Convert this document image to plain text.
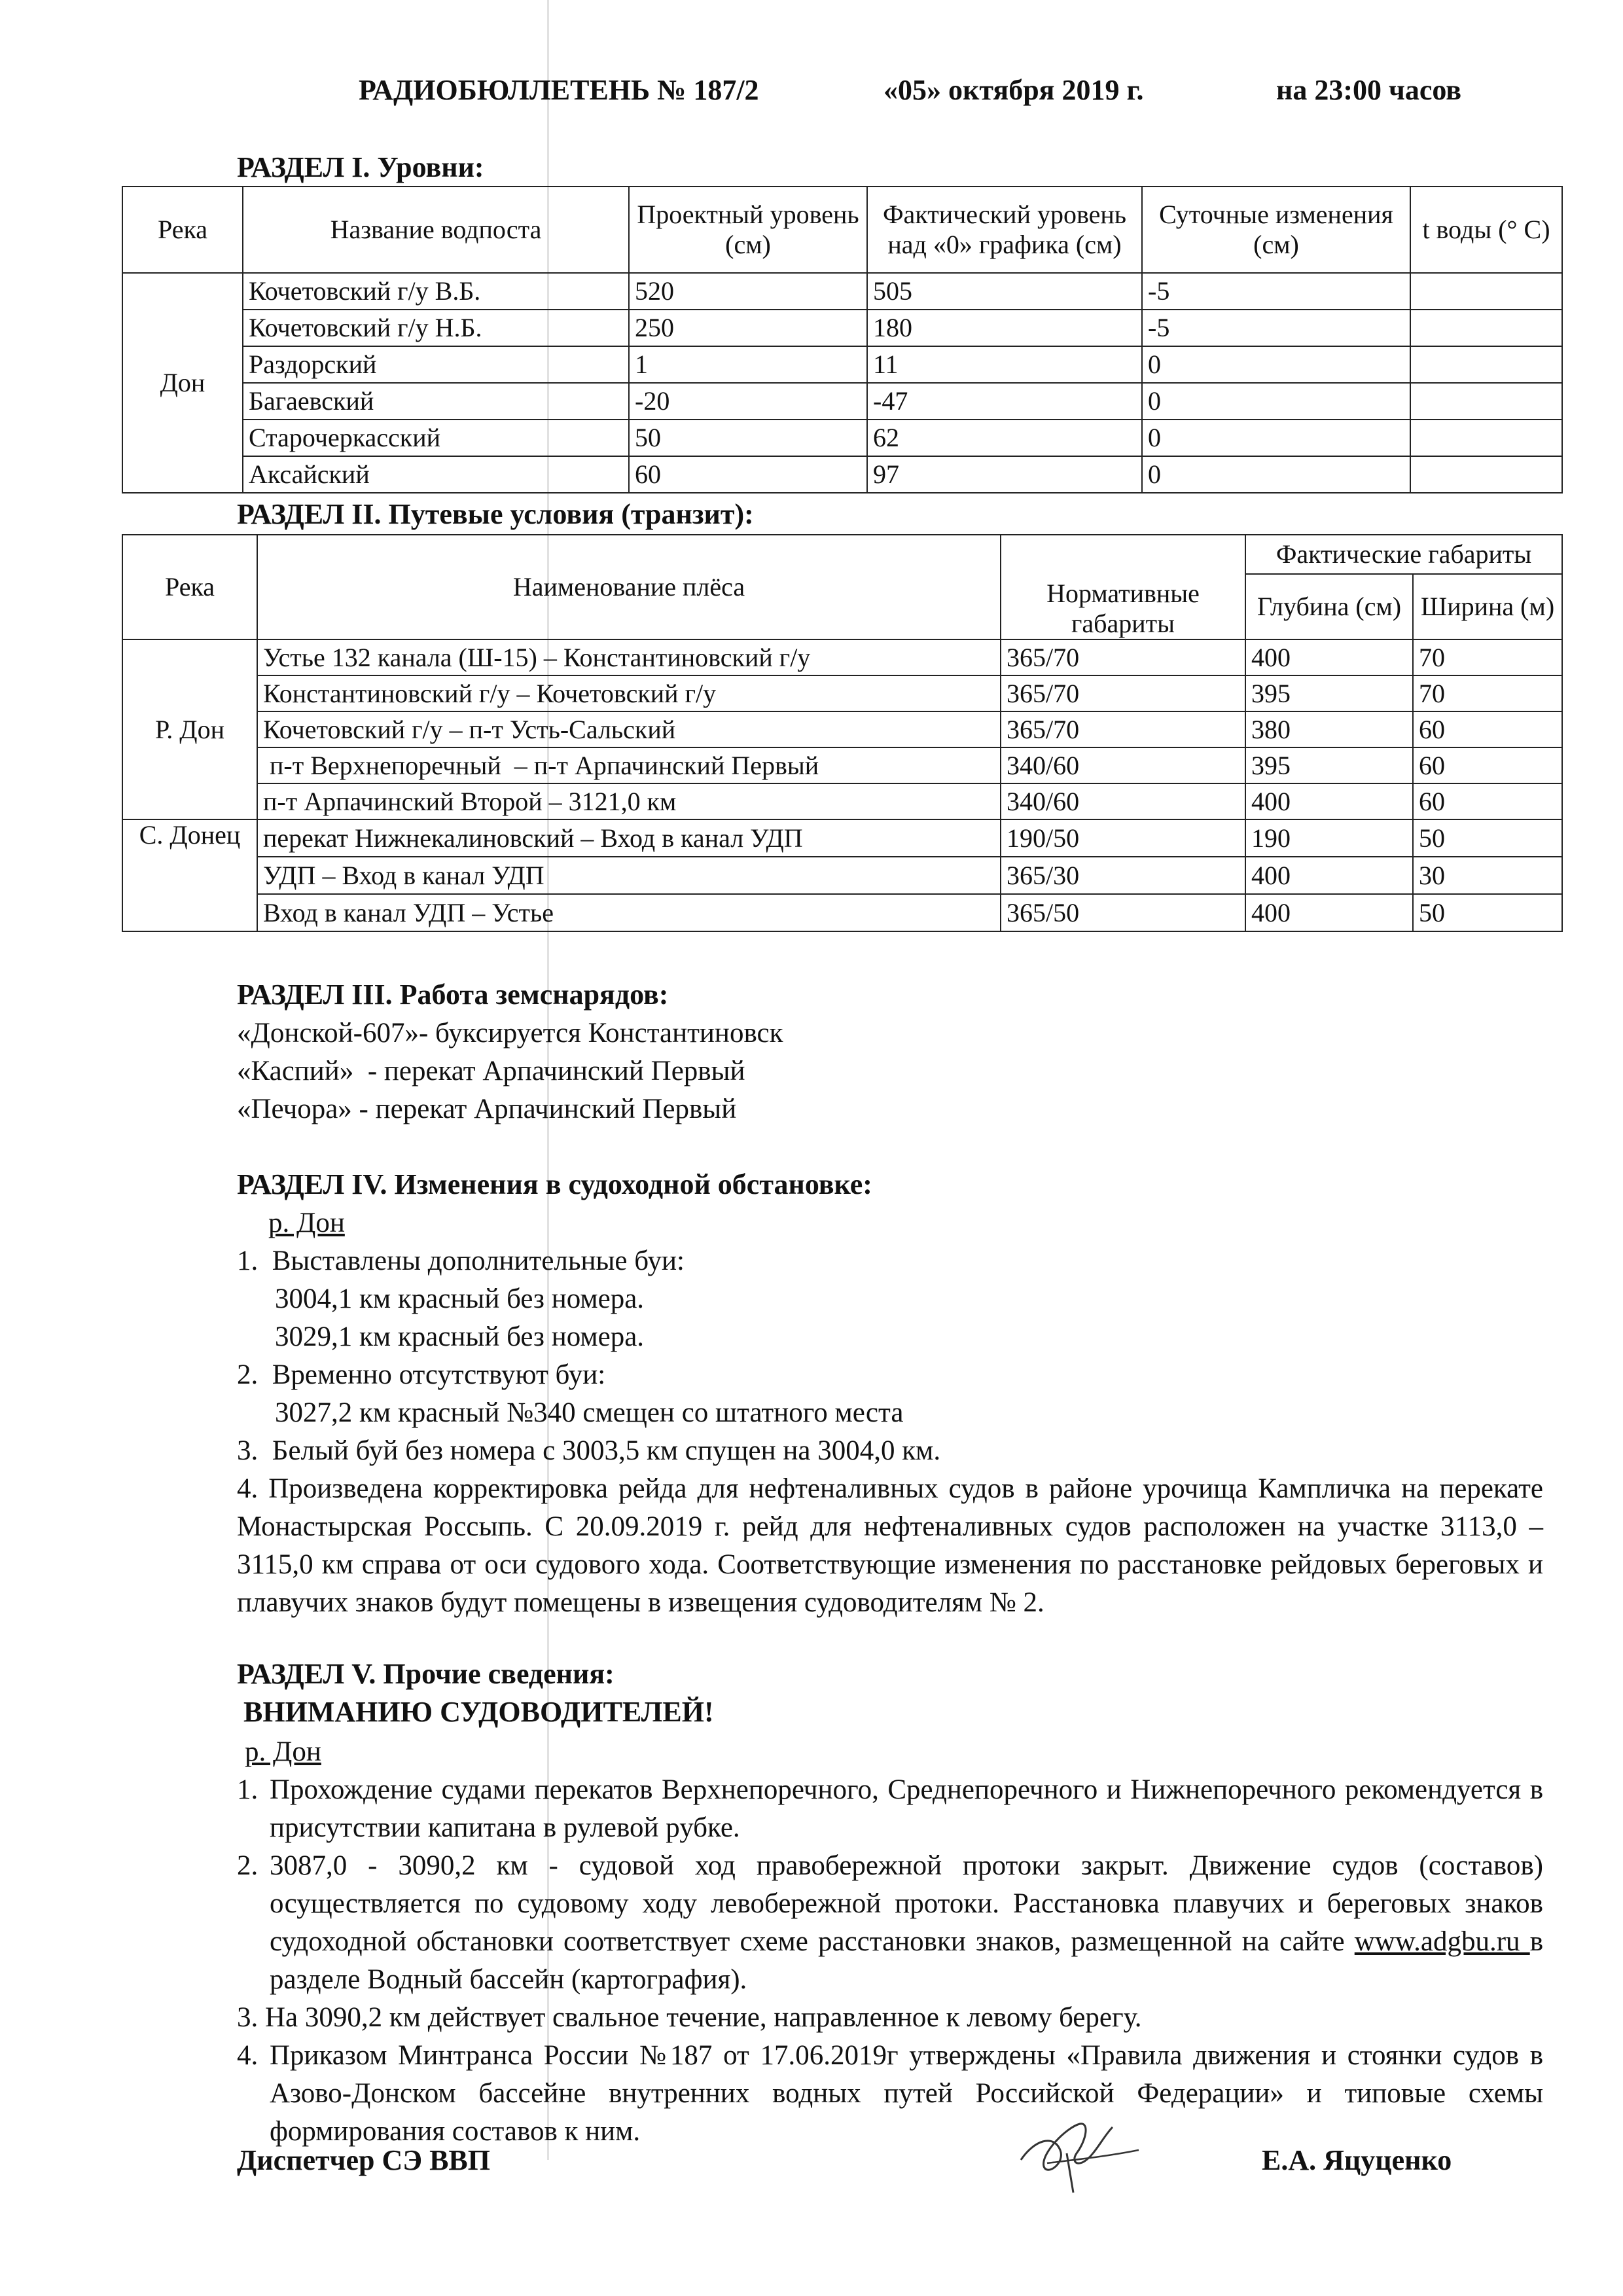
РАДИОБЮЛЛЕТЕНЬ № 187/2	«05» октября 2019 г.	на 23:00 часов
РАЗДЕЛ I. Уровни:
Река	Название водпоста	Проектный уровень (см)	Фактический уровень над «0» графика (см)	Суточные изменения (см)	t воды (° С)
Дон	Кочетовский г/у В.Б.	520	505	-5	
	Кочетовский г/у Н.Б.	250	180	-5	
	Раздорский	1	11	0	
	Багаевский	-20	-47	0	
	Старочеркасский	50	62	0	
	Аксайский	60	97	0	
РАЗДЕЛ II. Путевые условия (транзит):
Река	Наименование плёса	Нормативные габариты	Фактические габариты	
			Глубина (см)	Ширина (м)
Р. Дон	Устье 132 канала (Ш-15) – Константиновский г/у	365/70	400	70
	Константиновский г/у – Кочетовский г/у	365/70	395	70
	Кочетовский г/у – п-т Усть-Сальский	365/70	380	60
	п-т Верхнепоречный  – п-т Арпачинский Первый	340/60	395	60
	п-т Арпачинский Второй – 3121,0 км	340/60	400	60
С. Донец	перекат Нижнекалиновский – Вход в канал УДП	190/50	190	50
	УДП – Вход в канал УДП	365/30	400	30
	Вход в канал УДП – Устье	365/50	400	50
РАЗДЕЛ III. Работа земснарядов:
«Донской-607»- буксируется Константиновск
«Каспий»  - перекат Арпачинский Первый
«Печора» - перекат Арпачинский Первый
РАЗДЕЛ IV. Изменения в судоходной обстановке:
р. Дон
1.  Выставлены дополнительные буи:
3004,1 км красный без номера.
3029,1 км красный без номера.
2.  Временно отсутствуют буи:
3027,2 км красный №340 смещен со штатного места
3.  Белый буй без номера с 3003,5 км спущен на 3004,0 км.
4. Произведена корректировка рейда для нефтеналивных судов в районе урочища Кампличка на перекате Монастырская Россыпь. С 20.09.2019 г. рейд для нефтеналивных судов расположен на участке 3113,0 – 3115,0 км справа от оси судового хода. Соответствующие изменения по расстановке рейдовых береговых и плавучих знаков будут помещены в извещения судоводителям № 2.
РАЗДЕЛ V. Прочие сведения:
ВНИМАНИЮ СУДОВОДИТЕЛЕЙ!
р. Дон
1. Прохождение судами перекатов Верхнепоречного, Среднепоречного и Нижнепоречного рекомендуется в присутствии капитана в рулевой рубке.
2. 3087,0 - 3090,2 км - судовой ход правобережной протоки закрыт. Движение судов (составов) осуществляется по судовому ходу левобережной протоки. Расстановка плавучих и береговых знаков судоходной обстановки соответствует схеме расстановки знаков, размещенной на сайте www.adgbu.ru в разделе Водный бассейн (картография).
3. На 3090,2 км действует свальное течение, направленное к левому берегу.
4. Приказом Минтранса России №187 от 17.06.2019г утверждены «Правила движения и стоянки судов в Азово-Донском бассейне внутренних водных путей Российской Федерации» и типовые схемы формирования составов к ним.
Диспетчер СЭ ВВП	Е.А. Яцуценко
